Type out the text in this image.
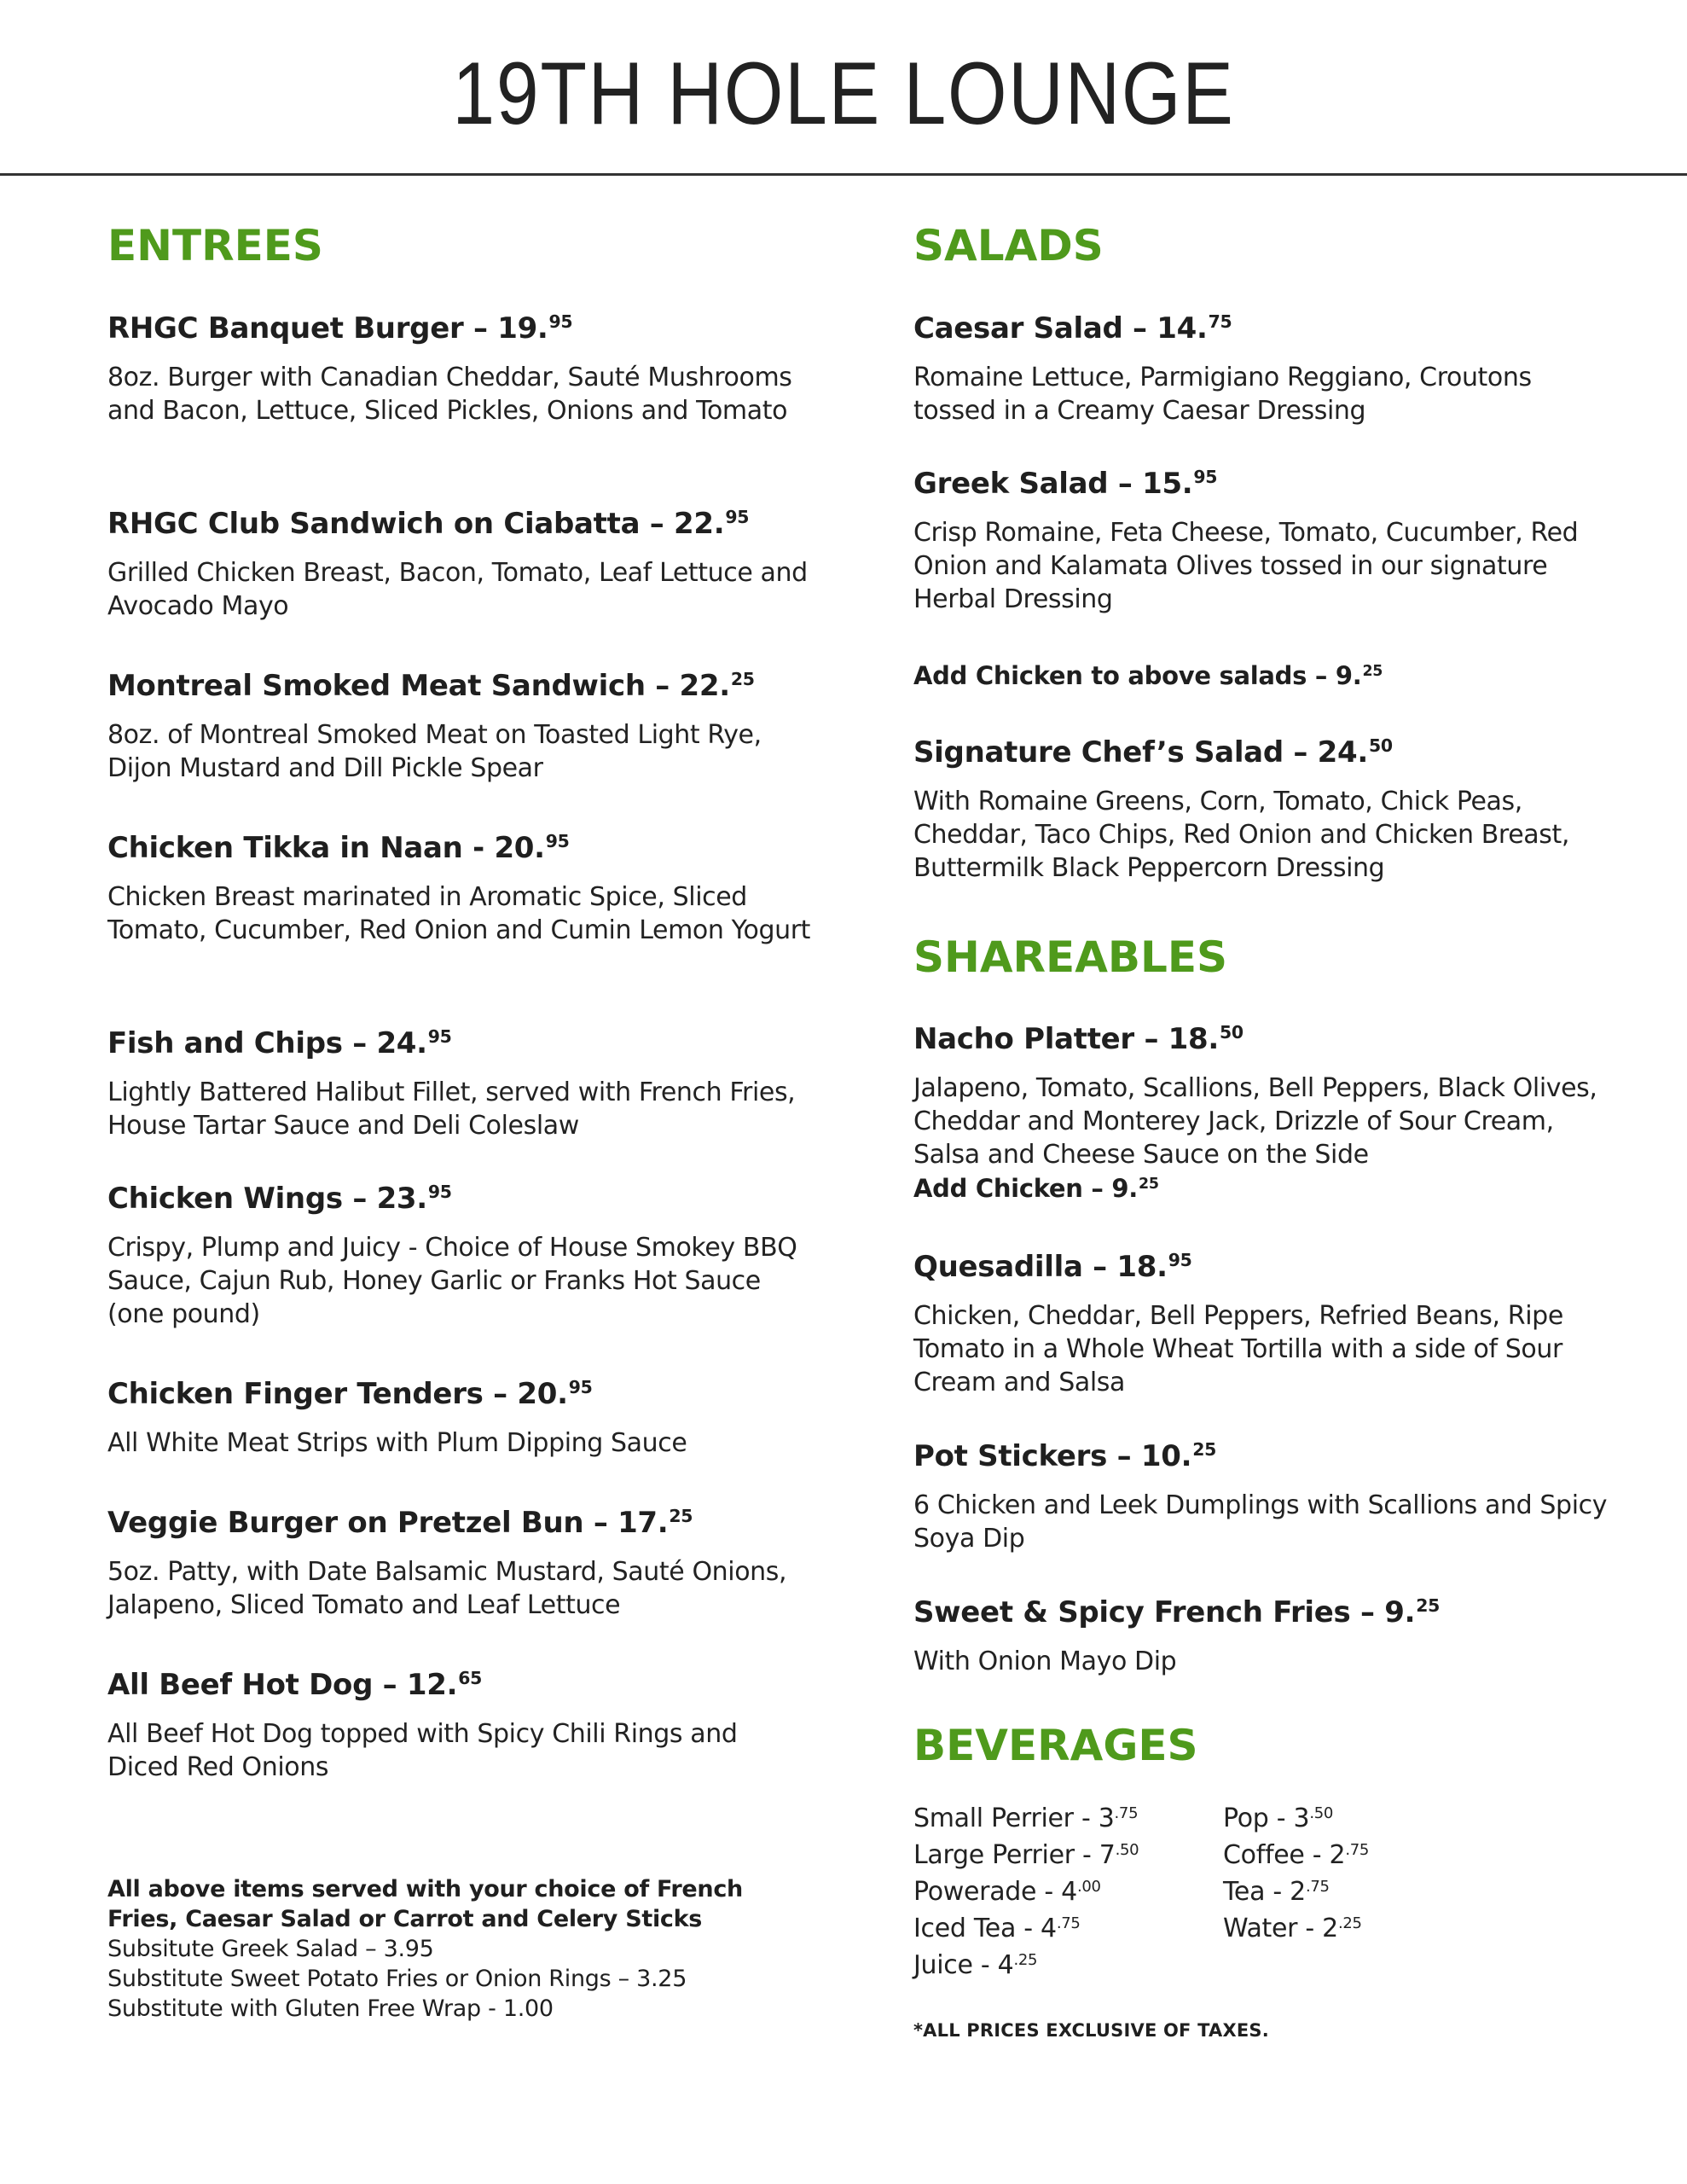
19TH HOLE LOUNGE
ENTREES
RHGC Banquet Burger – 19.95
8oz. Burger with Canadian Cheddar, Sauté Mushrooms and Bacon, Lettuce, Sliced Pickles, Onions and Tomato
RHGC Club Sandwich on Ciabatta – 22.95
Grilled Chicken Breast, Bacon, Tomato, Leaf Lettuce and Avocado Mayo
Montreal Smoked Meat Sandwich – 22.25
8oz. of Montreal Smoked Meat on Toasted Light Rye, Dijon Mustard and Dill Pickle Spear
Chicken Tikka in Naan - 20.95
Chicken Breast marinated in Aromatic Spice, Sliced Tomato, Cucumber, Red Onion and Cumin Lemon Yogurt
Fish and Chips – 24.95
Lightly Battered Halibut Fillet, served with French Fries, House Tartar Sauce and Deli Coleslaw
Chicken Wings – 23.95
Crispy, Plump and Juicy - Choice of House Smokey BBQ Sauce, Cajun Rub, Honey Garlic or Franks Hot Sauce (one pound)
Chicken Finger Tenders – 20.95
All White Meat Strips with Plum Dipping Sauce
Veggie Burger on Pretzel Bun – 17.25
5oz. Patty, with Date Balsamic Mustard, Sauté Onions, Jalapeno, Sliced Tomato and Leaf Lettuce
All Beef Hot Dog – 12.65
All Beef Hot Dog topped with Spicy Chili Rings and Diced Red Onions
All above items served with your choice of French Fries, Caesar Salad or Carrot and Celery Sticks
Subsitute Greek Salad – 3.95
Substitute Sweet Potato Fries or Onion Rings – 3.25
Substitute with Gluten Free Wrap - 1.00
SALADS
Caesar Salad – 14.75
Romaine Lettuce, Parmigiano Reggiano, Croutons tossed in a Creamy Caesar Dressing
Greek Salad – 15.95
Crisp Romaine, Feta Cheese, Tomato, Cucumber, Red Onion and Kalamata Olives tossed in our signature Herbal Dressing
Add Chicken to above salads – 9.25
Signature Chef’s Salad – 24.50
With Romaine Greens, Corn, Tomato, Chick Peas, Cheddar, Taco Chips, Red Onion and Chicken Breast, Buttermilk Black Peppercorn Dressing
SHAREABLES
Nacho Platter – 18.50
Jalapeno, Tomato, Scallions, Bell Peppers, Black Olives, Cheddar and Monterey Jack, Drizzle of Sour Cream, Salsa and Cheese Sauce on the Side
Add Chicken – 9.25
Quesadilla – 18.95
Chicken, Cheddar, Bell Peppers, Refried Beans, Ripe Tomato in a Whole Wheat Tortilla with a side of Sour Cream and Salsa
Pot Stickers – 10.25
6 Chicken and Leek Dumplings with Scallions and Spicy Soya Dip
Sweet & Spicy French Fries – 9.25
With Onion Mayo Dip
BEVERAGES
Small Perrier - $3^{.75}$
Large Perrier - $7^{.50}$
Powerade - $4^{.00}$
Iced Tea - $4^{.75}$
Juice - $4^{.25}$
Pop - $3^{.50}$
Coffee - $2^{.75}$
Tea - $2^{.75}$
Water - $2^{.25}$
*ALL PRICES EXCLUSIVE OF TAXES.
